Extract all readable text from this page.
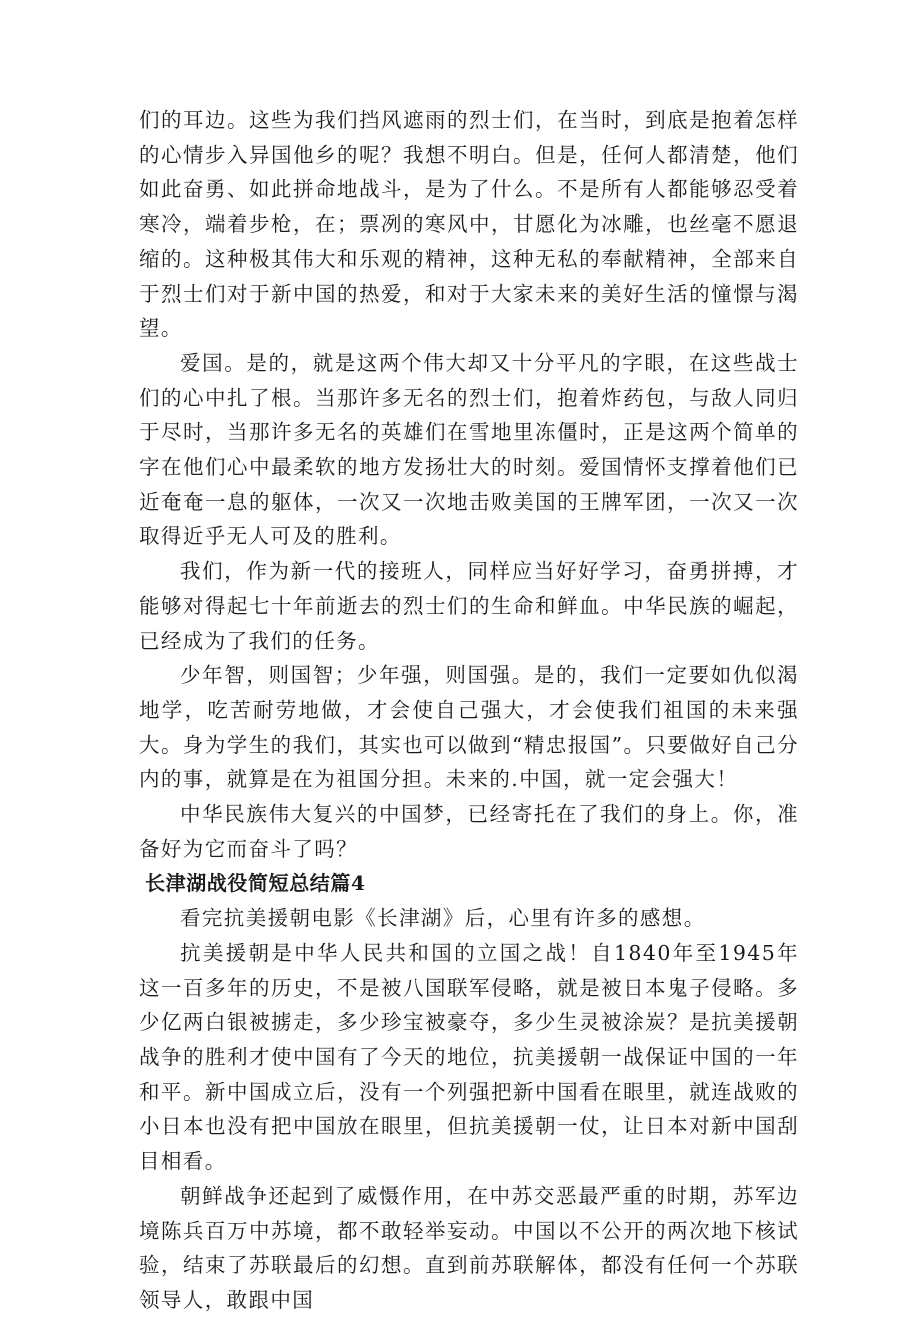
们的耳边。这些为我们挡风遮雨的烈士们，在当时，到底是抱着怎样的心情步入异国他乡的呢？我想不明白。但是，任何人都清楚，他们如此奋勇、如此拼命地战斗，是为了什么。不是所有人都能够忍受着寒冷，端着步枪，在；票冽的寒风中，甘愿化为冰雕，也丝毫不愿退缩的。这种极其伟大和乐观的精神，这种无私的奉献精神，全部来自于烈士们对于新中国的热爱，和对于大家未来的美好生活的憧憬与渴望。

爱国。是的，就是这两个伟大却又十分平凡的字眼，在这些战士们的心中扎了根。当那许多无名的烈士们，抱着炸药包，与敌人同归于尽时，当那许多无名的英雄们在雪地里冻僵时，正是这两个简单的字在他们心中最柔软的地方发扬壮大的时刻。爱国情怀支撑着他们已近奄奄一息的躯体，一次又一次地击败美国的王牌军团，一次又一次取得近乎无人可及的胜利。

我们，作为新一代的接班人，同样应当好好学习，奋勇拼搏，才能够对得起七十年前逝去的烈士们的生命和鲜血。中华民族的崛起，已经成为了我们的任务。

少年智，则国智；少年强，则国强。是的，我们一定要如仇似渴地学，吃苦耐劳地做，才会使自己强大，才会使我们祖国的未来强大。身为学生的我们，其实也可以做到“精忠报国”。只要做好自己分内的事，就算是在为祖国分担。未来的.中国，就一定会强大！

中华民族伟大复兴的中国梦，已经寄托在了我们的身上。你，准备好为它而奋斗了吗？

长津湖战役简短总结篇4

看完抗美援朝电影《长津湖》后，心里有许多的感想。

抗美援朝是中华人民共和国的立国之战！自1840年至1945年这一百多年的历史，不是被八国联军侵略，就是被日本鬼子侵略。多少亿两白银被掳走，多少珍宝被豪夺，多少生灵被涂炭？是抗美援朝战争的胜利才使中国有了今天的地位，抗美援朝一战保证中国的一年和平。新中国成立后，没有一个列强把新中国看在眼里，就连战败的小日本也没有把中国放在眼里，但抗美援朝一仗，让日本对新中国刮目相看。

朝鲜战争还起到了威慑作用，在中苏交恶最严重的时期，苏军边境陈兵百万中苏境，都不敢轻举妄动。中国以不公开的两次地下核试验，结束了苏联最后的幻想。直到前苏联解体，都没有任何一个苏联领导人，敢跟中国
